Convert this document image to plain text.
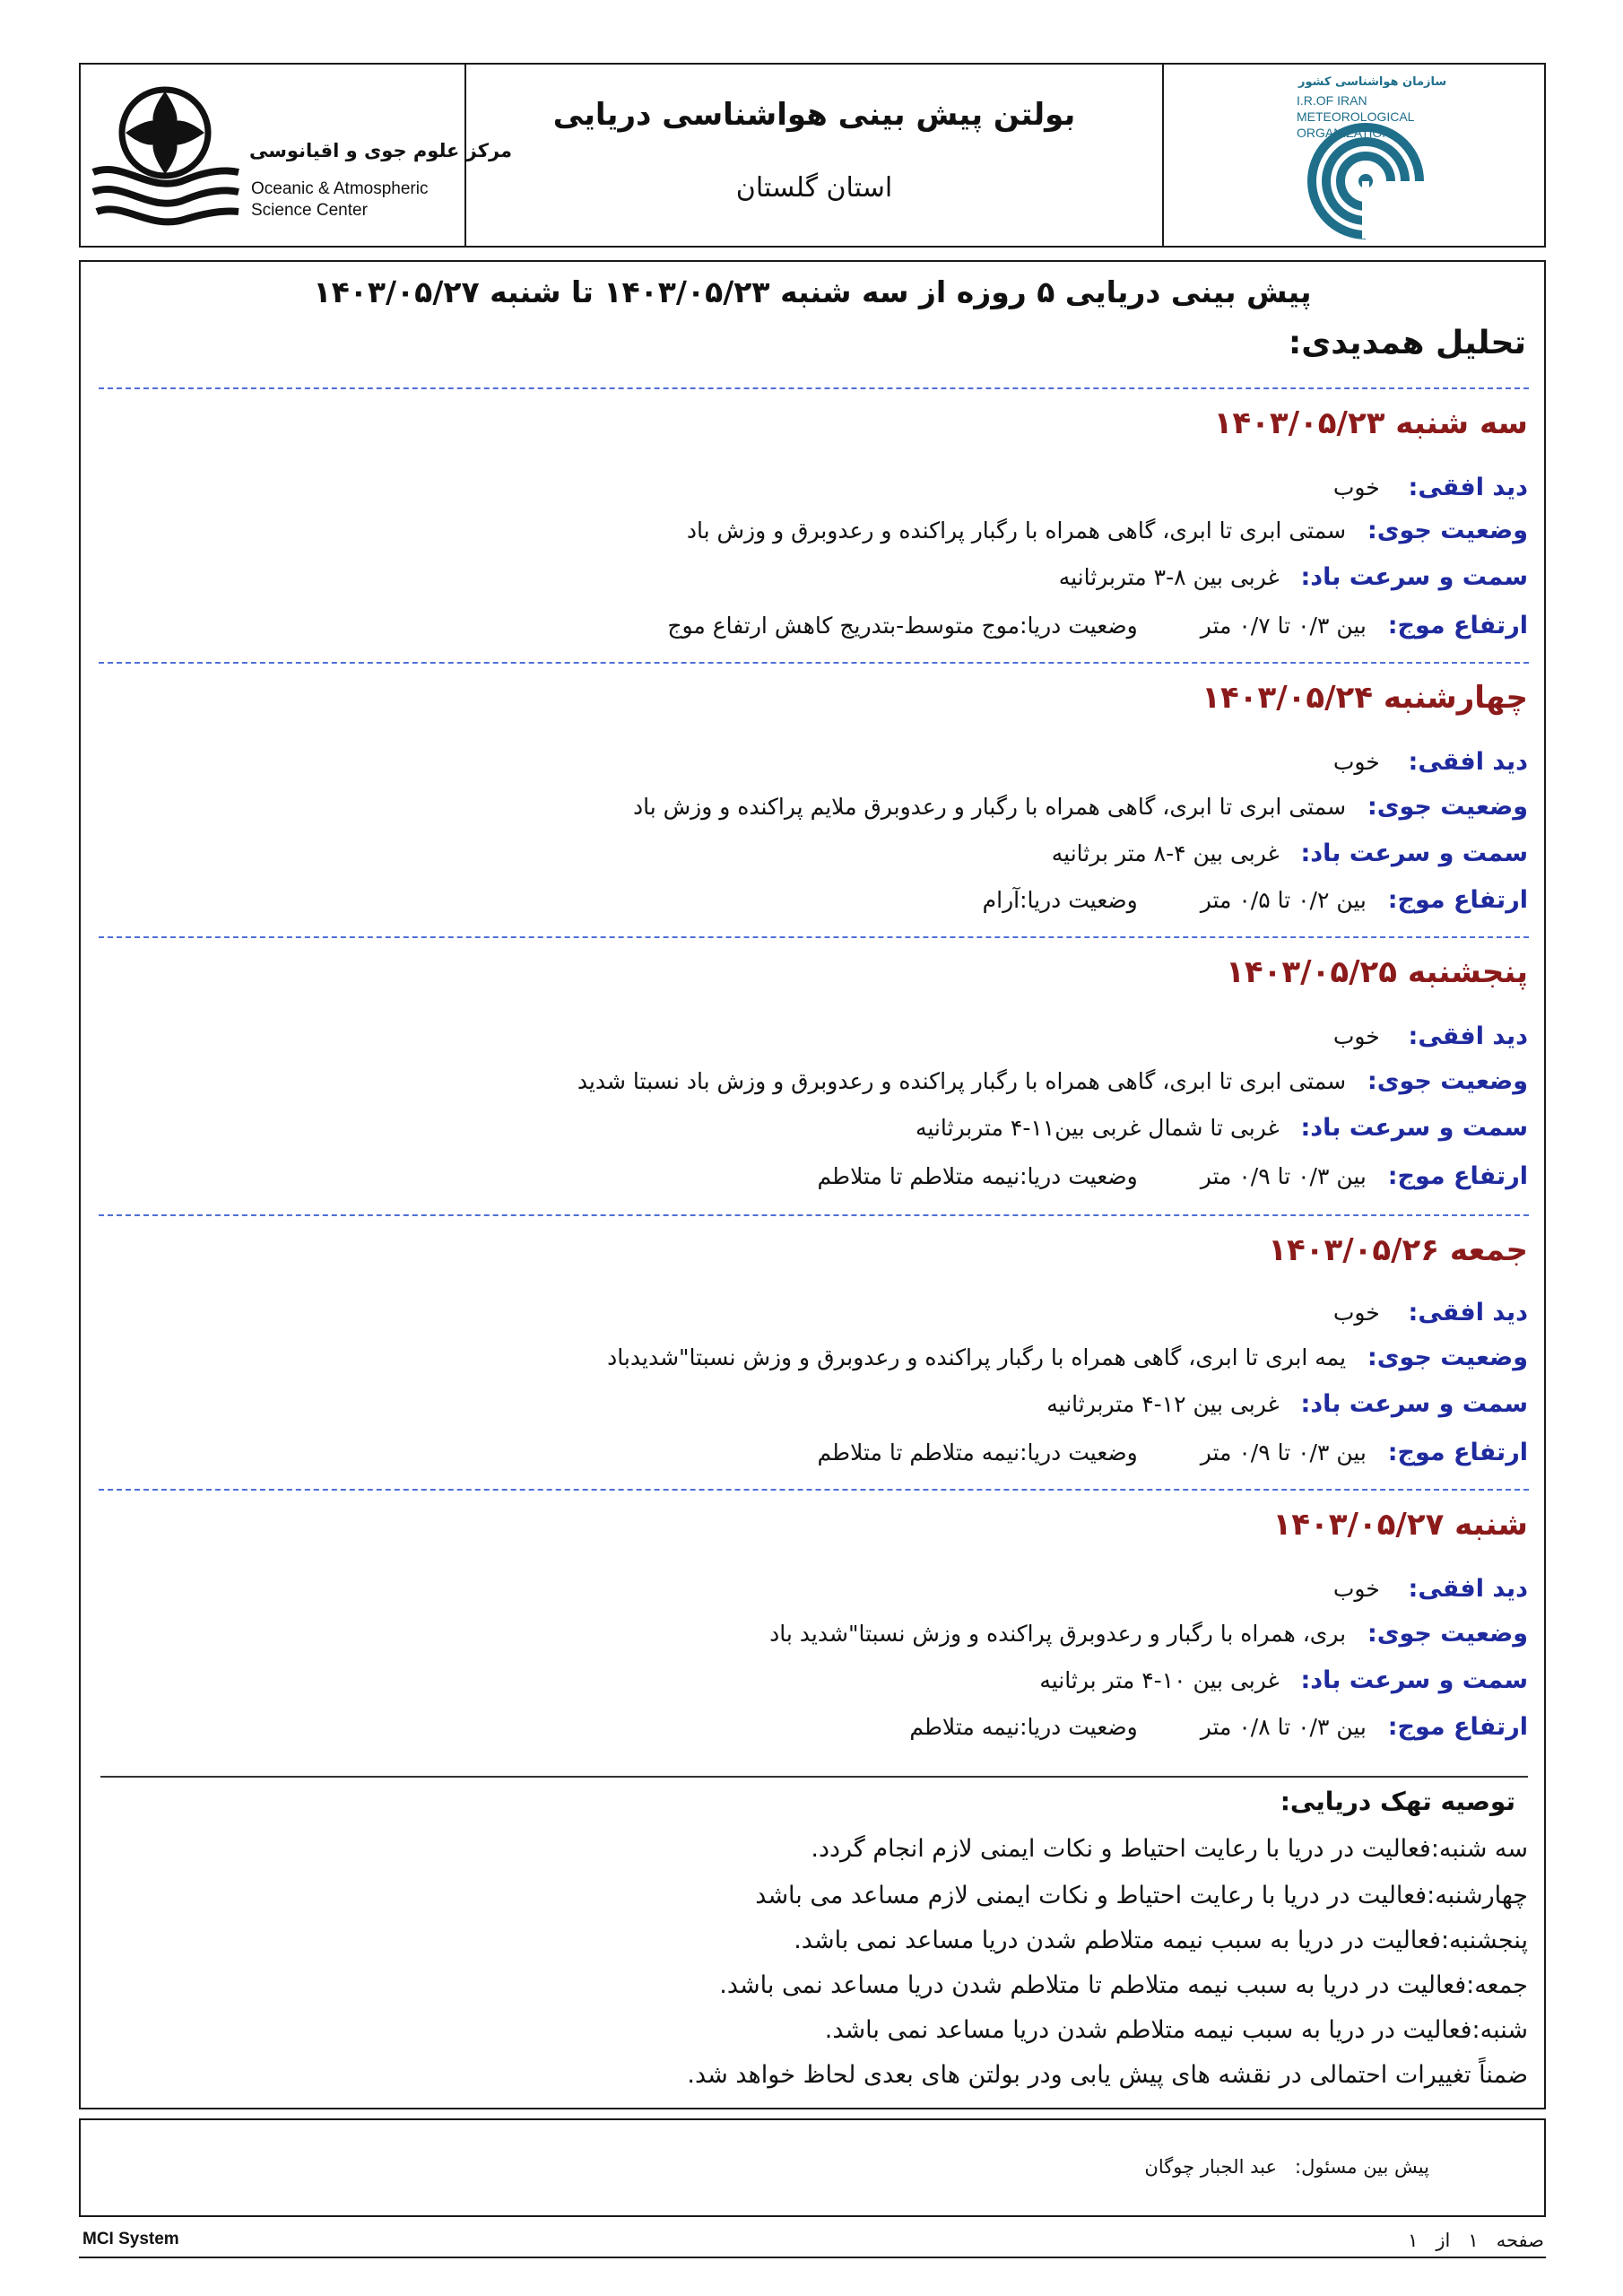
مرکز علوم جوی و اقیانوسی
Oceanic & Atmospheric
Science Center
بولتن پیش بینی هواشناسی دریایی
استان گلستان
سازمان هواشناسی کشور
I.R.OF IRAN
METEOROLOGICAL
ORGANIZATION
پیش بینی دریایی ۵ روزه از سه شنبه ۱۴۰۳/۰۵/۲۳ تا شنبه ۱۴۰۳/۰۵/۲۷
تحلیل همدیدی:
سه شنبه ۱۴۰۳/۰۵/۲۳
دید افقی:    خوب
وضعیت جوی:   سمتی ابری تا ابری، گاهی همراه با رگبار پراکنده و رعدوبرق و وزش باد
سمت و سرعت باد:   غربی بین ۸-۳ متربرثانیه
ارتفاع موج:   بین ۰/۳ تا ۰/۷ متروضعیت دریا:موج متوسط-بتدریج کاهش ارتفاع موج
چهارشنبه ۱۴۰۳/۰۵/۲۴
دید افقی:    خوب
وضعیت جوی:   سمتی ابری تا ابری، گاهی همراه با رگبار و رعدوبرق ملایم پراکنده و وزش باد
سمت و سرعت باد:   غربی بین ۴-۸ متر برثانیه
ارتفاع موج:   بین ۰/۲ تا ۰/۵ متروضعیت دریا:آرام
پنجشنبه ۱۴۰۳/۰۵/۲۵
دید افقی:    خوب
وضعیت جوی:   سمتی ابری تا ابری، گاهی همراه با رگبار پراکنده و رعدوبرق و وزش باد نسبتا شدید
سمت و سرعت باد:   غربی تا شمال غربی بین۱۱-۴ متربرثانیه
ارتفاع موج:   بین ۰/۳ تا ۰/۹ متروضعیت دریا:نیمه متلاطم تا متلاطم
جمعه ۱۴۰۳/۰۵/۲۶
دید افقی:    خوب
وضعیت جوی:   یمه ابری تا ابری، گاهی همراه با رگبار پراکنده و رعدوبرق و وزش نسبتا"شدیدباد
سمت و سرعت باد:   غربی بین ۱۲-۴ متربرثانیه
ارتفاع موج:   بین ۰/۳ تا ۰/۹ متروضعیت دریا:نیمه متلاطم تا متلاطم
شنبه ۱۴۰۳/۰۵/۲۷
دید افقی:    خوب
وضعیت جوی:   بری، همراه با رگبار و رعدوبرق پراکنده و وزش نسبتا"شدید باد
سمت و سرعت باد:   غربی بین ۱۰-۴ متر برثانیه
ارتفاع موج:   بین ۰/۳ تا ۰/۸ متروضعیت دریا:نیمه متلاطم
توصیه تهک دریایی:
سه شنبه:فعالیت در دریا با رعایت احتیاط و نکات ایمنی لازم انجام گردد.
چهارشنبه:فعالیت در دریا با رعایت احتیاط و نکات ایمنی لازم مساعد می باشد
پنجشنبه:فعالیت در دریا به سبب نیمه متلاطم شدن دریا مساعد نمی باشد.
جمعه:فعالیت در دریا به سبب نیمه متلاطم تا متلاطم شدن دریا مساعد نمی باشد.
شنبه:فعالیت در دریا به سبب نیمه متلاطم شدن دریا مساعد نمی باشد.
ضمناً تغییرات احتمالی در نقشه های پیش یابی ودر بولتن های بعدی لحاظ خواهد شد.
پیش بین مسئول:   عبد الجبار چوگان
MCI System	صفحه   ۱   از   ۱
